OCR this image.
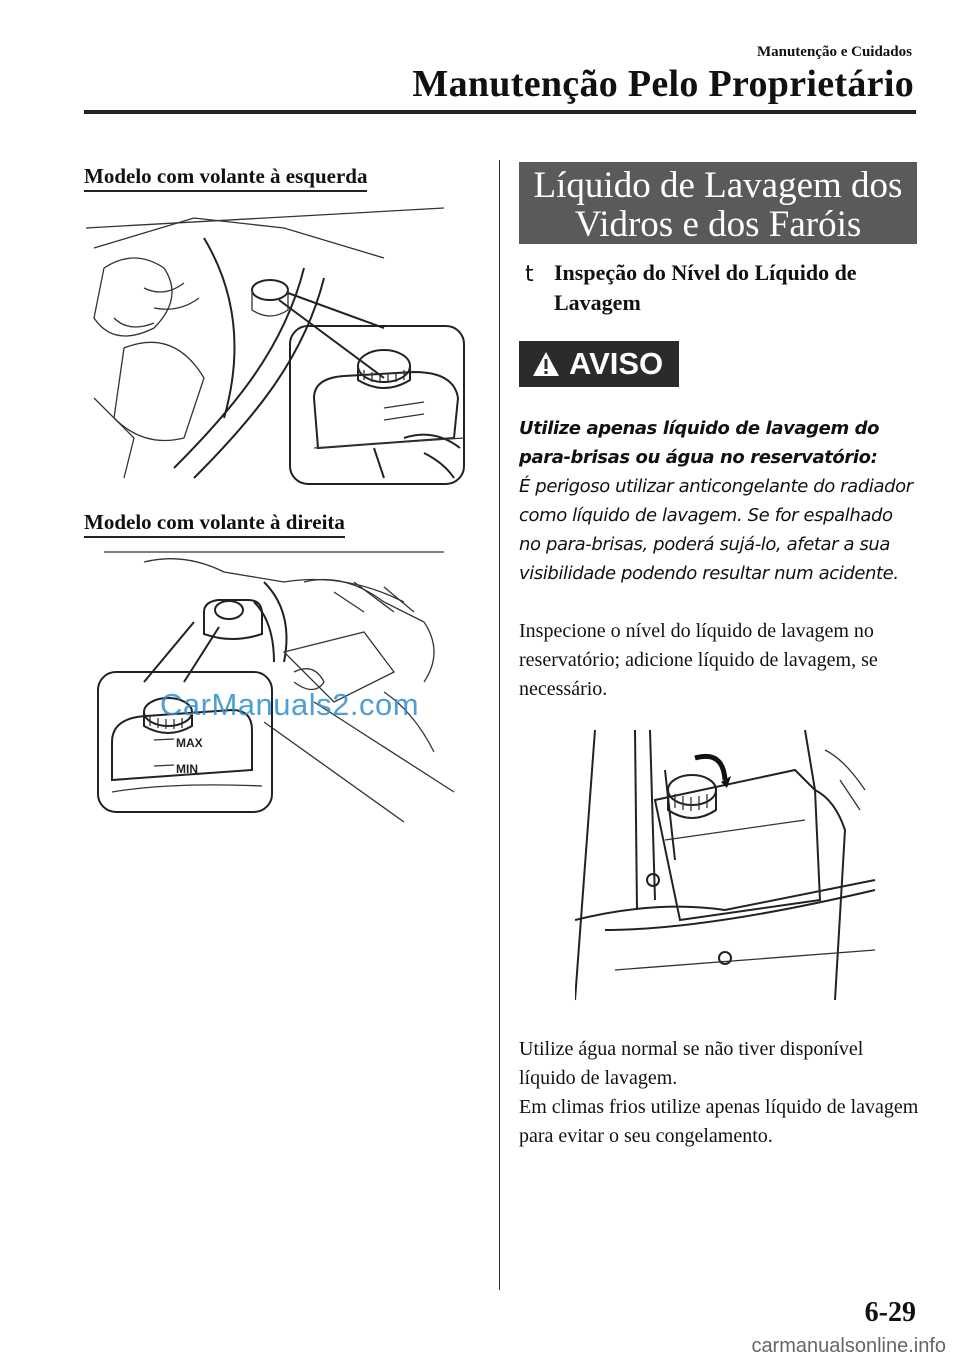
Manutenção e Cuidados
Manutenção Pelo Proprietário
Modelo com volante à esquerda
Modelo com volante à direita
MAX
MIN
CarManuals2.com
Líquido de Lavagem dos
Vidros e dos Faróis
t Inspeção do Nível do Líquido de Lavagem
AVISO
Utilize apenas líquido de lavagem do para-brisas ou água no reservatório:
É perigoso utilizar anticongelante do radiador como líquido de lavagem. Se for espalhado no para-brisas, poderá sujá-lo, afetar a sua visibilidade podendo resultar num acidente.
Inspecione o nível do líquido de lavagem no reservatório; adicione líquido de lavagem, se necessário.
Utilize água normal se não tiver disponível líquido de lavagem.
Em climas frios utilize apenas líquido de lavagem para evitar o seu congelamento.
6-29
carmanualsonline.info
